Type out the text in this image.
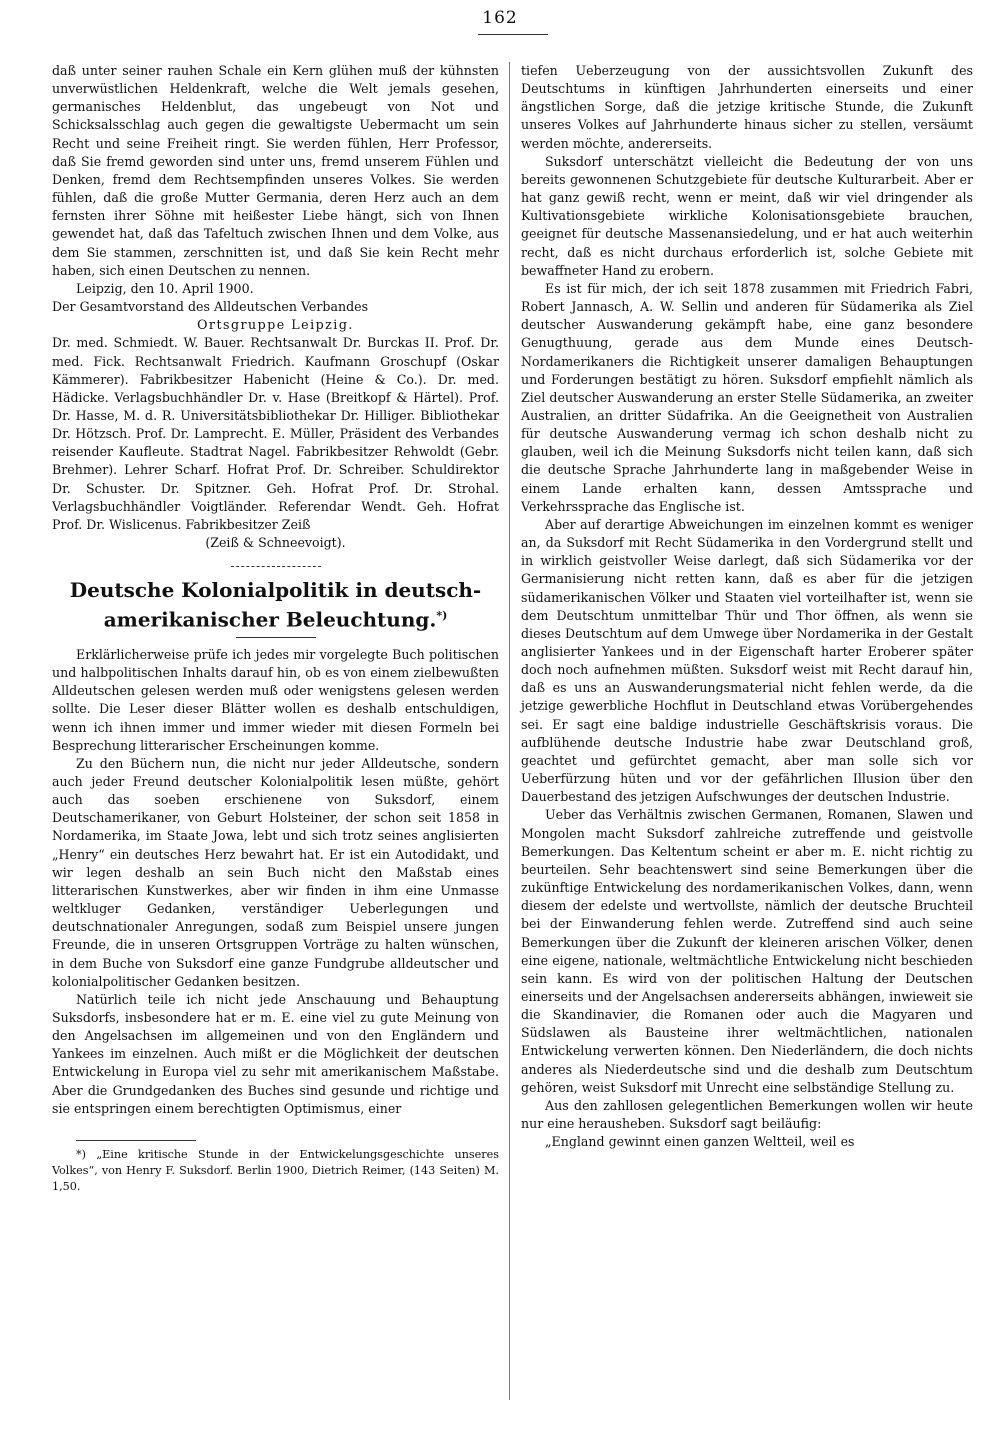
162

daß unter seiner rauhen Schale ein Kern glühen muß der kühnsten unverwüstlichen Heldenkraft, welche die Welt jemals gesehen, germanisches Heldenblut, das ungebeugt von Not und Schicksalsschlag auch gegen die gewaltigste Uebermacht um sein Recht und seine Freiheit ringt. Sie werden fühlen, Herr Professor, daß Sie fremd geworden sind unter uns, fremd unserem Fühlen und Denken, fremd dem Rechtsempfinden unseres Volkes. Sie werden fühlen, daß die große Mutter Germania, deren Herz auch an dem fernsten ihrer Söhne mit heißester Liebe hängt, sich von Ihnen gewendet hat, daß das Tafeltuch zwischen Ihnen und dem Volke, aus dem Sie stammen, zerschnitten ist, und daß Sie kein Recht mehr haben, sich einen Deutschen zu nennen.

Leipzig, den 10. April 1900.

Der Gesamtvorstand des Alldeutschen Verbandes

Ortsgruppe Leipzig.

Dr. med. Schmiedt. W. Bauer. Rechtsanwalt Dr. Burckas II. Prof. Dr. med. Fick. Rechtsanwalt Friedrich. Kaufmann Groschupf (Oskar Kämmerer). Fabrikbesitzer Habenicht (Heine & Co.). Dr. med. Hädicke. Verlagsbuchhändler Dr. v. Hase (Breitkopf & Härtel). Prof. Dr. Hasse, M. d. R. Universitätsbibliothekar Dr. Hilliger. Bibliothekar Dr. Hötzsch. Prof. Dr. Lamprecht. E. Müller, Präsident des Verbandes reisender Kaufleute. Stadtrat Nagel. Fabrikbesitzer Rehwoldt (Gebr. Brehmer). Lehrer Scharf. Hofrat Prof. Dr. Schreiber. Schuldirektor Dr. Schuster. Dr. Spitzner. Geh. Hofrat Prof. Dr. Strohal. Verlagsbuchhändler Voigtländer. Referendar Wendt. Geh. Hofrat Prof. Dr. Wislicenus. Fabrikbesitzer Zeiß

(Zeiß & Schneevoigt).

Deutsche Kolonialpolitik in deutsch-
amerikanischer Beleuchtung.*)

Erklärlicherweise prüfe ich jedes mir vorgelegte Buch politischen und halbpolitischen Inhalts darauf hin, ob es von einem zielbewußten Alldeutschen gelesen werden muß oder wenigstens gelesen werden sollte. Die Leser dieser Blätter wollen es deshalb entschuldigen, wenn ich ihnen immer und immer wieder mit diesen Formeln bei Besprechung litterarischer Erscheinungen komme.

Zu den Büchern nun, die nicht nur jeder Alldeutsche, sondern auch jeder Freund deutscher Kolonialpolitik lesen müßte, gehört auch das soeben erschienene von Suksdorf, einem Deutschamerikaner, von Geburt Holsteiner, der schon seit 1858 in Nordamerika, im Staate Jowa, lebt und sich trotz seines anglisierten „Henry“ ein deutsches Herz bewahrt hat. Er ist ein Autodidakt, und wir legen deshalb an sein Buch nicht den Maßstab eines litterarischen Kunstwerkes, aber wir finden in ihm eine Unmasse weltkluger Gedanken, verständiger Ueberlegungen und deutschnationaler Anregungen, sodaß zum Beispiel unsere jungen Freunde, die in unseren Ortsgruppen Vorträge zu halten wünschen, in dem Buche von Suksdorf eine ganze Fundgrube alldeutscher und kolonialpolitischer Gedanken besitzen.

Natürlich teile ich nicht jede Anschauung und Behauptung Suksdorfs, insbesondere hat er m. E. eine viel zu gute Meinung von den Angelsachsen im allgemeinen und von den Engländern und Yankees im einzelnen. Auch mißt er die Möglichkeit der deutschen Entwickelung in Europa viel zu sehr mit amerikanischem Maßstabe. Aber die Grundgedanken des Buches sind gesunde und richtige und sie entspringen einem berechtigten Optimismus, einer

*) „Eine kritische Stunde in der Entwickelungsgeschichte unseres Volkes“, von Henry F. Suksdorf. Berlin 1900, Dietrich Reimer, (143 Seiten) M. 1,50.

tiefen Ueberzeugung von der aussichtsvollen Zukunft des Deutschtums in künftigen Jahrhunderten einerseits und einer ängstlichen Sorge, daß die jetzige kritische Stunde, die Zukunft unseres Volkes auf Jahrhunderte hinaus sicher zu stellen, versäumt werden möchte, andererseits.

Suksdorf unterschätzt vielleicht die Bedeutung der von uns bereits gewonnenen Schutzgebiete für deutsche Kulturarbeit. Aber er hat ganz gewiß recht, wenn er meint, daß wir viel dringender als Kultivationsgebiete wirkliche Kolonisationsgebiete brauchen, geeignet für deutsche Massenansiedelung, und er hat auch weiterhin recht, daß es nicht durchaus erforderlich ist, solche Gebiete mit bewaffneter Hand zu erobern.

Es ist für mich, der ich seit 1878 zusammen mit Friedrich Fabri, Robert Jannasch, A. W. Sellin und anderen für Südamerika als Ziel deutscher Auswanderung gekämpft habe, eine ganz besondere Genugthuung, gerade aus dem Munde eines Deutsch-Nordamerikaners die Richtigkeit unserer damaligen Behauptungen und Forderungen bestätigt zu hören. Suksdorf empfiehlt nämlich als Ziel deutscher Auswanderung an erster Stelle Südamerika, an zweiter Australien, an dritter Südafrika. An die Geeignetheit von Australien für deutsche Auswanderung vermag ich schon deshalb nicht zu glauben, weil ich die Meinung Suksdorfs nicht teilen kann, daß sich die deutsche Sprache Jahrhunderte lang in maßgebender Weise in einem Lande erhalten kann, dessen Amtssprache und Verkehrssprache das Englische ist.

Aber auf derartige Abweichungen im einzelnen kommt es weniger an, da Suksdorf mit Recht Südamerika in den Vordergrund stellt und in wirklich geistvoller Weise darlegt, daß sich Südamerika vor der Germanisierung nicht retten kann, daß es aber für die jetzigen südamerikanischen Völker und Staaten viel vorteilhafter ist, wenn sie dem Deutschtum unmittelbar Thür und Thor öffnen, als wenn sie dieses Deutschtum auf dem Umwege über Nordamerika in der Gestalt anglisierter Yankees und in der Eigenschaft harter Eroberer später doch noch aufnehmen müßten. Suksdorf weist mit Recht darauf hin, daß es uns an Auswanderungsmaterial nicht fehlen werde, da die jetzige gewerbliche Hochflut in Deutschland etwas Vorübergehendes sei. Er sagt eine baldige industrielle Geschäftskrisis voraus. Die aufblühende deutsche Industrie habe zwar Deutschland groß, geachtet und gefürchtet gemacht, aber man solle sich vor Ueberfürzung hüten und vor der gefährlichen Illusion über den Dauerbestand des jetzigen Aufschwunges der deutschen Industrie.

Ueber das Verhältnis zwischen Germanen, Romanen, Slawen und Mongolen macht Suksdorf zahlreiche zutreffende und geistvolle Bemerkungen. Das Keltentum scheint er aber m. E. nicht richtig zu beurteilen. Sehr beachtenswert sind seine Bemerkungen über die zukünftige Entwickelung des nordamerikanischen Volkes, dann, wenn diesem der edelste und wertvollste, nämlich der deutsche Bruchteil bei der Einwanderung fehlen werde. Zutreffend sind auch seine Bemerkungen über die Zukunft der kleineren arischen Völker, denen eine eigene, nationale, weltmächtliche Entwickelung nicht beschieden sein kann. Es wird von der politischen Haltung der Deutschen einerseits und der Angelsachsen andererseits abhängen, inwieweit sie die Skandinavier, die Romanen oder auch die Magyaren und Südslawen als Bausteine ihrer weltmächtlichen, nationalen Entwickelung verwerten können. Den Niederländern, die doch nichts anderes als Niederdeutsche sind und die deshalb zum Deutschtum gehören, weist Suksdorf mit Unrecht eine selbständige Stellung zu.

Aus den zahllosen gelegentlichen Bemerkungen wollen wir heute nur eine herausheben. Suksdorf sagt beiläufig:

„England gewinnt einen ganzen Weltteil, weil es
